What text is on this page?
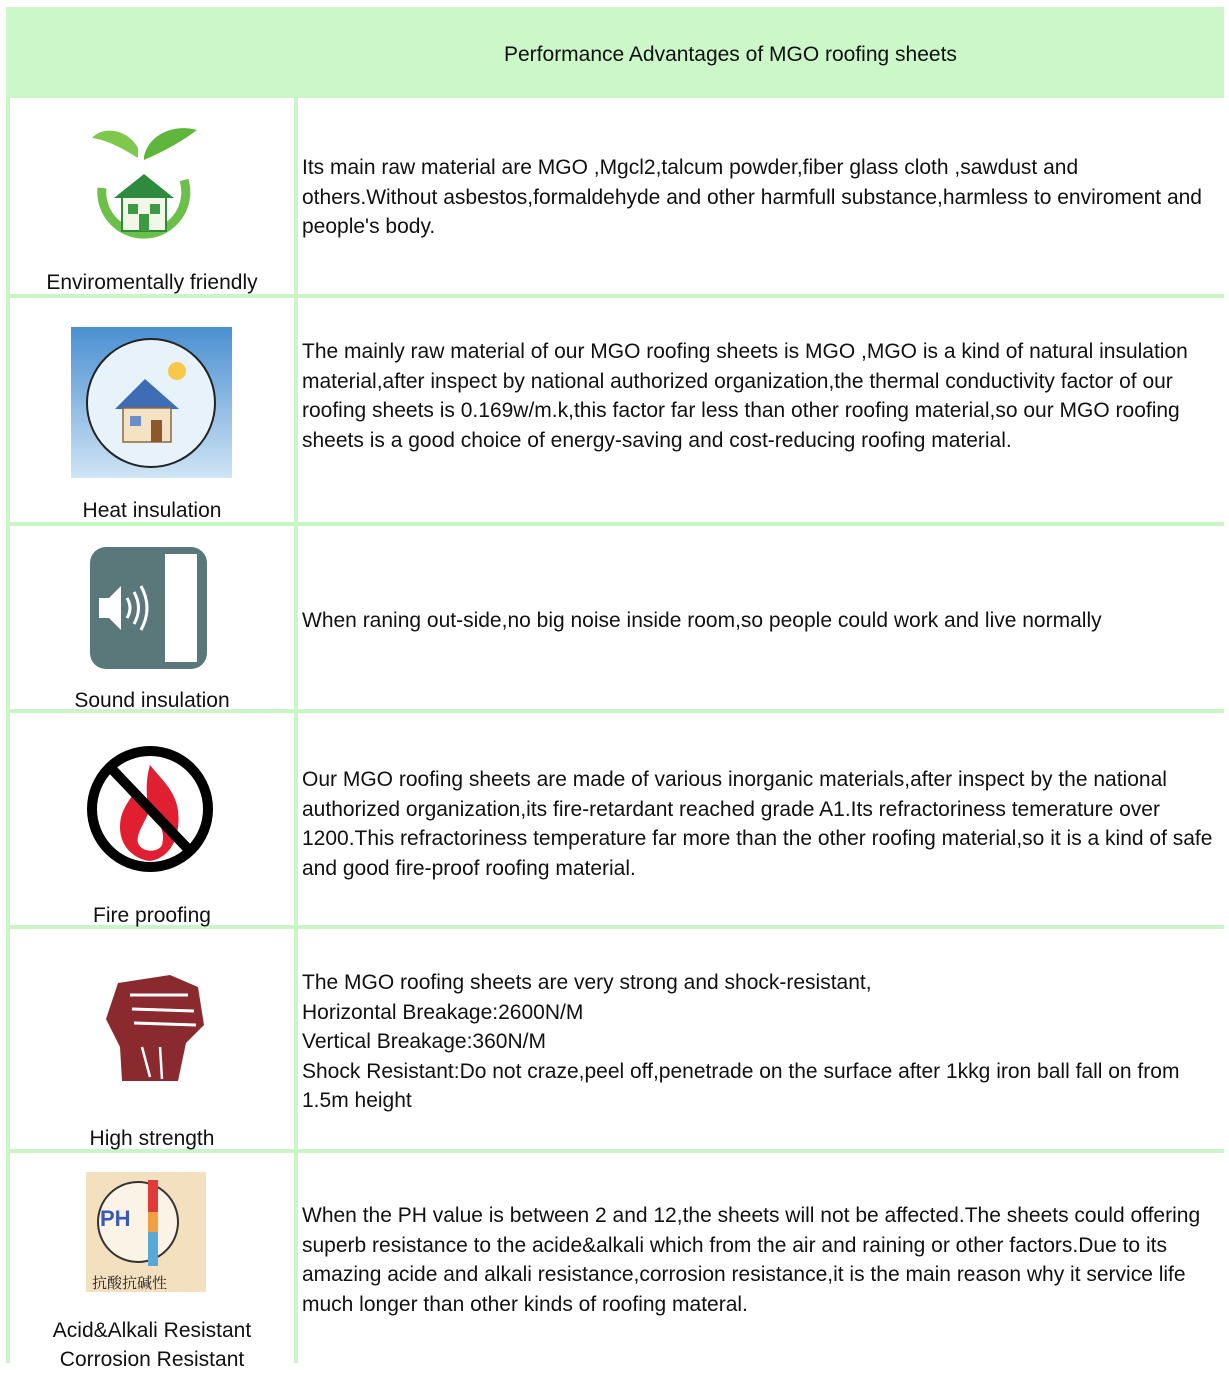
Performance Advantages of MGO roofing sheets
Enviromentally friendly
Its main raw material are MGO ,Mgcl2,talcum powder,fiber glass cloth ,sawdust and others.Without asbestos,formaldehyde and other harmfull substance,harmless to enviroment and people's body.
Heat insulation
The mainly raw material of our MGO roofing sheets is MGO ,MGO is a kind of natural insulation material,after inspect by national authorized organization,the thermal conductivity factor of our roofing sheets is 0.169w/m.k,this factor far less than other roofing material,so our MGO roofing sheets is a good choice of energy-saving and cost-reducing roofing material.
Sound insulation
When raning out-side,no big noise inside room,so people could work and live normally
Fire proofing
Our MGO roofing sheets are made of various inorganic materials,after inspect by the national authorized organization,its fire-retardant reached grade A1.Its refractoriness temerature over 1200.This refractoriness temperature far more than the other roofing material,so it is a kind of safe and good fire-proof roofing material.
High strength

The MGO roofing sheets are very strong and shock-resistant,

Horizontal Breakage:2600N/M

Vertical Breakage:360N/M

Shock Resistant:Do not craze,peel off,penetrade on the surface after 1kkg iron ball fall on from 1.5m height

PH
抗酸抗碱性
Acid&Alkali Resistant
Corrosion Resistant
When the PH value is between 2 and 12,the sheets will not be affected.The sheets could offering superb resistance to the acide&alkali which from the air and raining or other factors.Due to its amazing acide and alkali resistance,corrosion resistance,it is the main reason why it service life much longer than other kinds of roofing materal.
